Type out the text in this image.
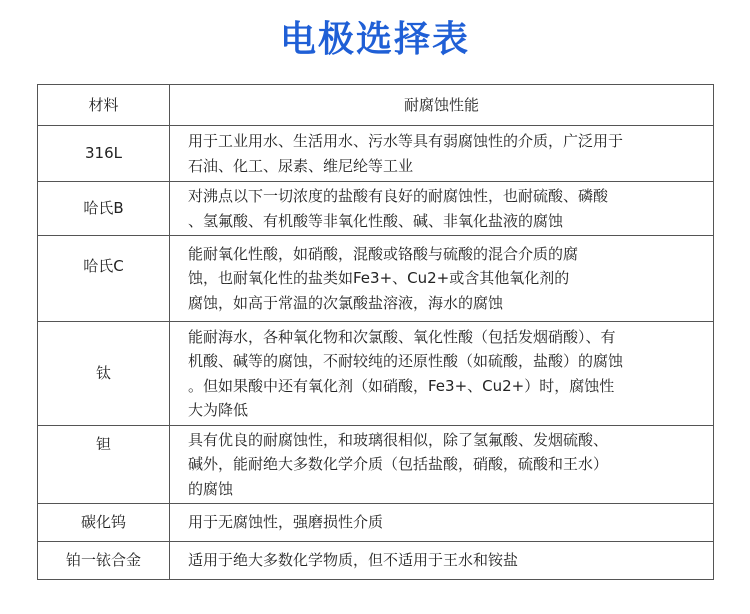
电极选择表
材料	耐腐蚀性能

316L	用于工业用水、生活用水、污水等具有弱腐蚀性的介质，广泛用于
石油、化工、尿素、维尼纶等工业

哈氏B	对沸点以下一切浓度的盐酸有良好的耐腐蚀性，也耐硫酸、磷酸
、氢氟酸、有机酸等非氧化性酸、碱、非氧化盐液的腐蚀

哈氏C	能耐氧化性酸，如硝酸，混酸或铬酸与硫酸的混合介质的腐
蚀，也耐氧化性的盐类如Fe3+、Cu2+或含其他氧化剂的
腐蚀，如高于常温的次氯酸盐溶液，海水的腐蚀

钛	能耐海水，各种氧化物和次氯酸、氧化性酸（包括发烟硝酸）、有
机酸、碱等的腐蚀，不耐较纯的还原性酸（如硫酸，盐酸）的腐蚀
。但如果酸中还有氧化剂（如硝酸，Fe3+、Cu2+）时，腐蚀性
大为降低

钽	具有优良的耐腐蚀性，和玻璃很相似，除了氢氟酸、发烟硫酸、
碱外，能耐绝大多数化学介质（包括盐酸，硝酸，硫酸和王水）
的腐蚀

碳化钨	用于无腐蚀性，强磨损性介质

铂一铱合金	适用于绝大多数化学物质，但不适用于王水和铵盐
